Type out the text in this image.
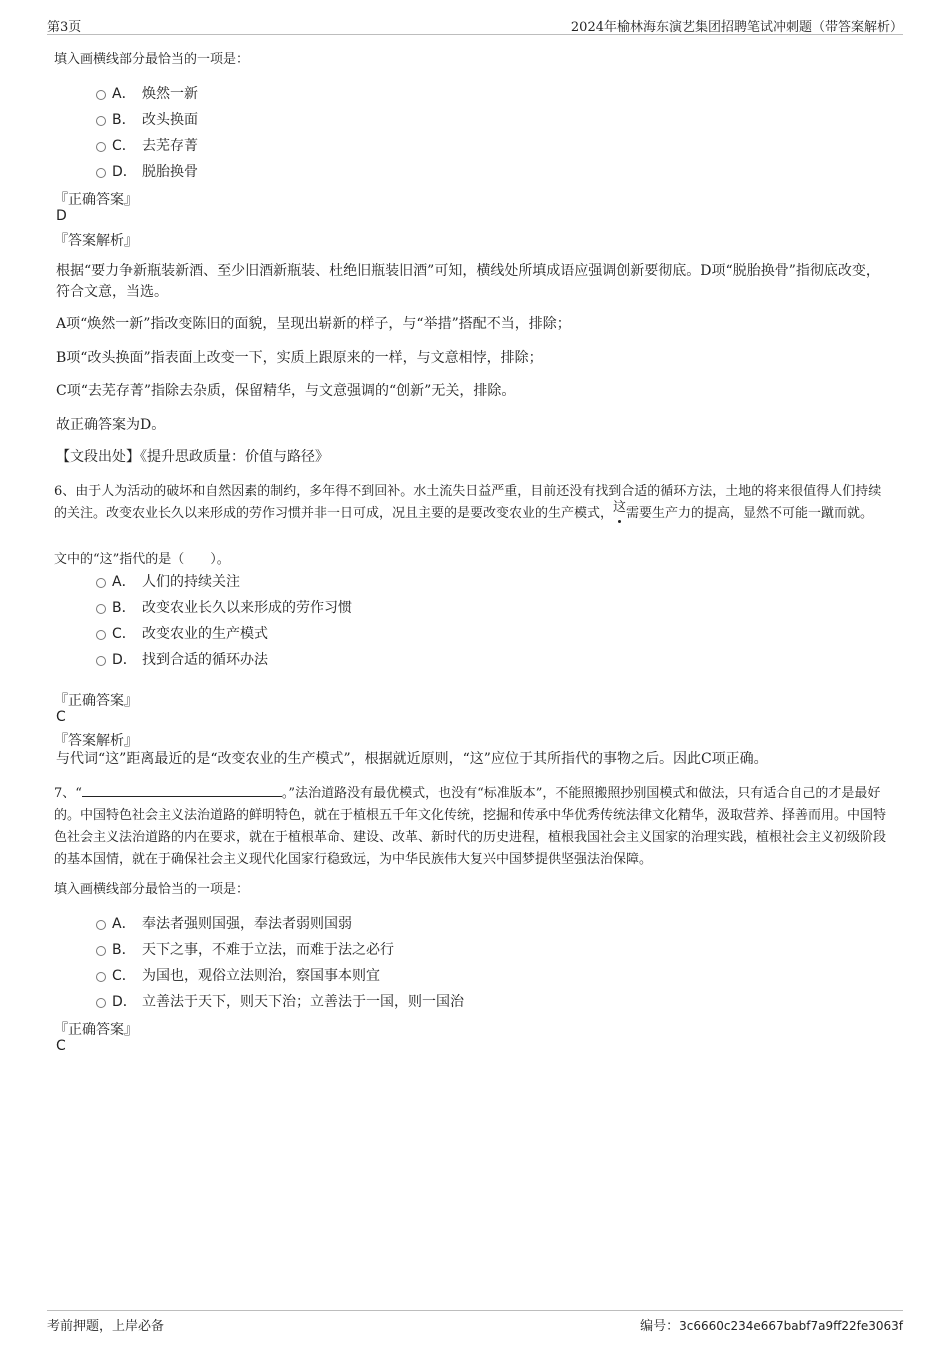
第3页	2024年榆林海东演艺集团招聘笔试冲刺题（带答案解析）
填入画横线部分最恰当的一项是：
A． 焕然一新
B． 改头换面
C． 去芜存菁
D． 脱胎换骨
『正确答案』
D
『答案解析』
根据“要力争新瓶装新酒、至少旧酒新瓶装、杜绝旧瓶装旧酒”可知，横线处所填成语应强调创新要彻底。D项“脱胎换骨”指彻底改变，符合文意，当选。
A项“焕然一新”指改变陈旧的面貌，呈现出崭新的样子，与“举措”搭配不当，排除；
B项“改头换面”指表面上改变一下，实质上跟原来的一样，与文意相悖，排除；
C项“去芜存菁”指除去杂质，保留精华，与文意强调的“创新”无关，排除。
故正确答案为D。
【文段出处】《提升思政质量：价值与路径》
6、由于人为活动的破坏和自然因素的制约，多年得不到回补。水土流失日益严重，目前还没有找到合适的循环方法，土地的将来很值得人们持续的关注。改变农业长久以来形成的劳作习惯并非一日可成，况且主要的是要改变农业的生产模式，这需要生产力的提高，显然不可能一蹴而就。
文中的“这”指代的是（　　）。
A． 人们的持续关注
B． 改变农业长久以来形成的劳作习惯
C． 改变农业的生产模式
D． 找到合适的循环办法
『正确答案』
C
『答案解析』
与代词“这”距离最近的是“改变农业的生产模式”，根据就近原则，“这”应位于其所指代的事物之后。因此C项正确。
7、“	。”法治道路没有最优模式，也没有“标准版本”，不能照搬照抄别国模式和做法，只有适合自己的才是最好的。中国特色社会主义法治道路的鲜明特色，就在于植根五千年文化传统，挖掘和传承中华优秀传统法律文化精华，汲取营养、择善而用。中国特色社会主义法治道路的内在要求，就在于植根革命、建设、改革、新时代的历史进程，植根我国社会主义国家的治理实践，植根社会主义初级阶段的基本国情，就在于确保社会主义现代化国家行稳致远，为中华民族伟大复兴中国梦提供坚强法治保障。
填入画横线部分最恰当的一项是：
A． 奉法者强则国强，奉法者弱则国弱
B． 天下之事，不难于立法，而难于法之必行
C． 为国也，观俗立法则治，察国事本则宜
D． 立善法于天下，则天下治；立善法于一国，则一国治
『正确答案』
C
考前押题，上岸必备	编号：3c6660c234e667babf7a9ff22fe3063f
